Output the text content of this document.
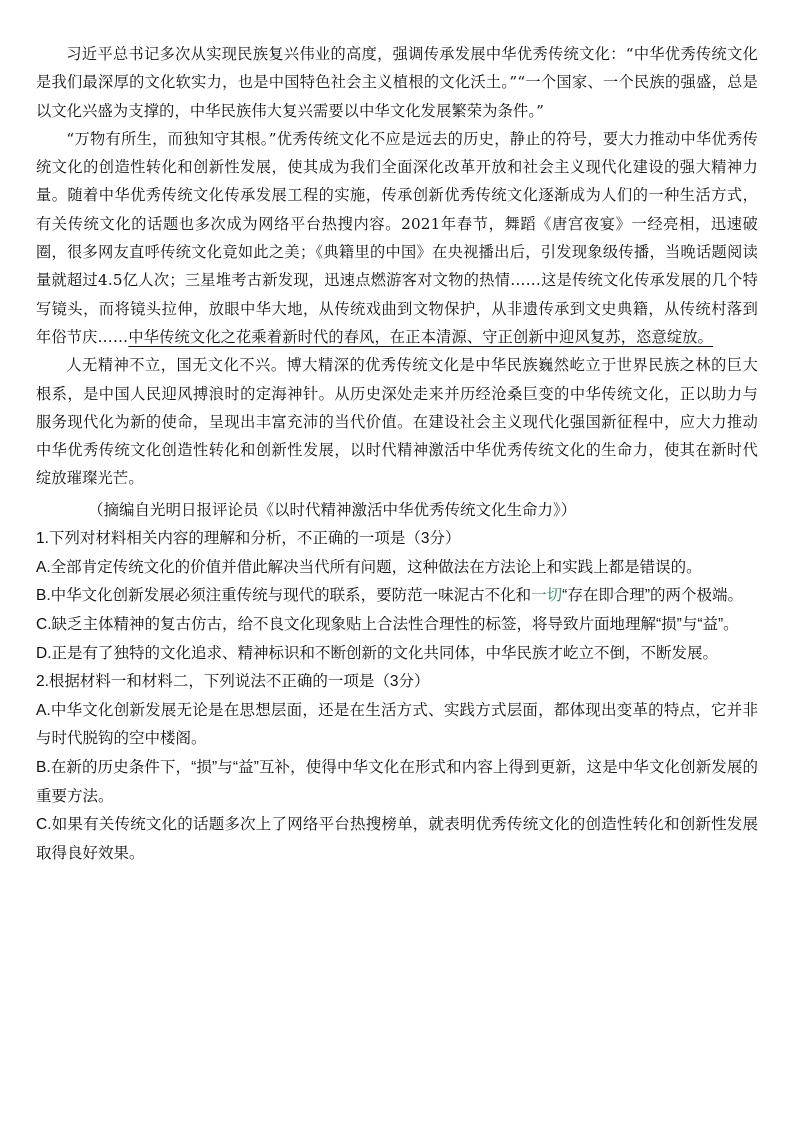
习近平总书记多次从实现民族复兴伟业的高度，强调传承发展中华优秀传统文化：“中华优秀传统文化是我们最深厚的文化软实力，也是中国特色社会主义植根的文化沃土。”“一个国家、一个民族的强盛，总是以文化兴盛为支撑的，中华民族伟大复兴需要以中华文化发展繁荣为条件。”

“万物有所生，而独知守其根。”优秀传统文化不应是远去的历史，静止的符号，要大力推动中华优秀传统文化的创造性转化和创新性发展，使其成为我们全面深化改革开放和社会主义现代化建设的强大精神力量。随着中华优秀传统文化传承发展工程的实施，传承创新优秀传统文化逐渐成为人们的一种生活方式，有关传统文化的话题也多次成为网络平台热搜内容。2021年春节，舞蹈《唐宫夜宴》一经亮相，迅速破圈，很多网友直呼传统文化竟如此之美；《典籍里的中国》在央视播出后，引发现象级传播，当晚话题阅读量就超过4.5亿人次；三星堆考古新发现，迅速点燃游客对文物的热情……这是传统文化传承发展的几个特写镜头，而将镜头拉伸，放眼中华大地，从传统戏曲到文物保护，从非遗传承到文史典籍，从传统村落到年俗节庆……中华传统文化之花乘着新时代的春风，在正本清源、守正创新中迎风复苏，恣意绽放。

人无精神不立，国无文化不兴。博大精深的优秀传统文化是中华民族巍然屹立于世界民族之林的巨大根系，是中国人民迎风搏浪时的定海神针。从历史深处走来并历经沧桑巨变的中华传统文化，正以助力与服务现代化为新的使命，呈现出丰富充沛的当代价值。在建设社会主义现代化强国新征程中，应大力推动中华优秀传统文化创造性转化和创新性发展，以时代精神激活中华优秀传统文化的生命力，使其在新时代绽放璀璨光芒。

（摘编自光明日报评论员《以时代精神激活中华优秀传统文化生命力》）

1.下列对材料相关内容的理解和分析，不正确的一项是（3分）

A.全部肯定传统文化的价值并借此解决当代所有问题，这种做法在方法论上和实践上都是错误的。

B.中华文化创新发展必须注重传统与现代的联系，要防范一味泥古不化和一切“存在即合理”的两个极端。

C.缺乏主体精神的复古仿古，给不良文化现象贴上合法性合理性的标签，将导致片面地理解“损”与“益”。

D.正是有了独特的文化追求、精神标识和不断创新的文化共同体，中华民族才屹立不倒，不断发展。

2.根据材料一和材料二，下列说法不正确的一项是（3分）

A.中华文化创新发展无论是在思想层面，还是在生活方式、实践方式层面，都体现出变革的特点，它并非与时代脱钩的空中楼阁。

B.在新的历史条件下，“损”与“益”互补，使得中华文化在形式和内容上得到更新，这是中华文化创新发展的重要方法。

C.如果有关传统文化的话题多次上了网络平台热搜榜单，就表明优秀传统文化的创造性转化和创新性发展取得良好效果。
